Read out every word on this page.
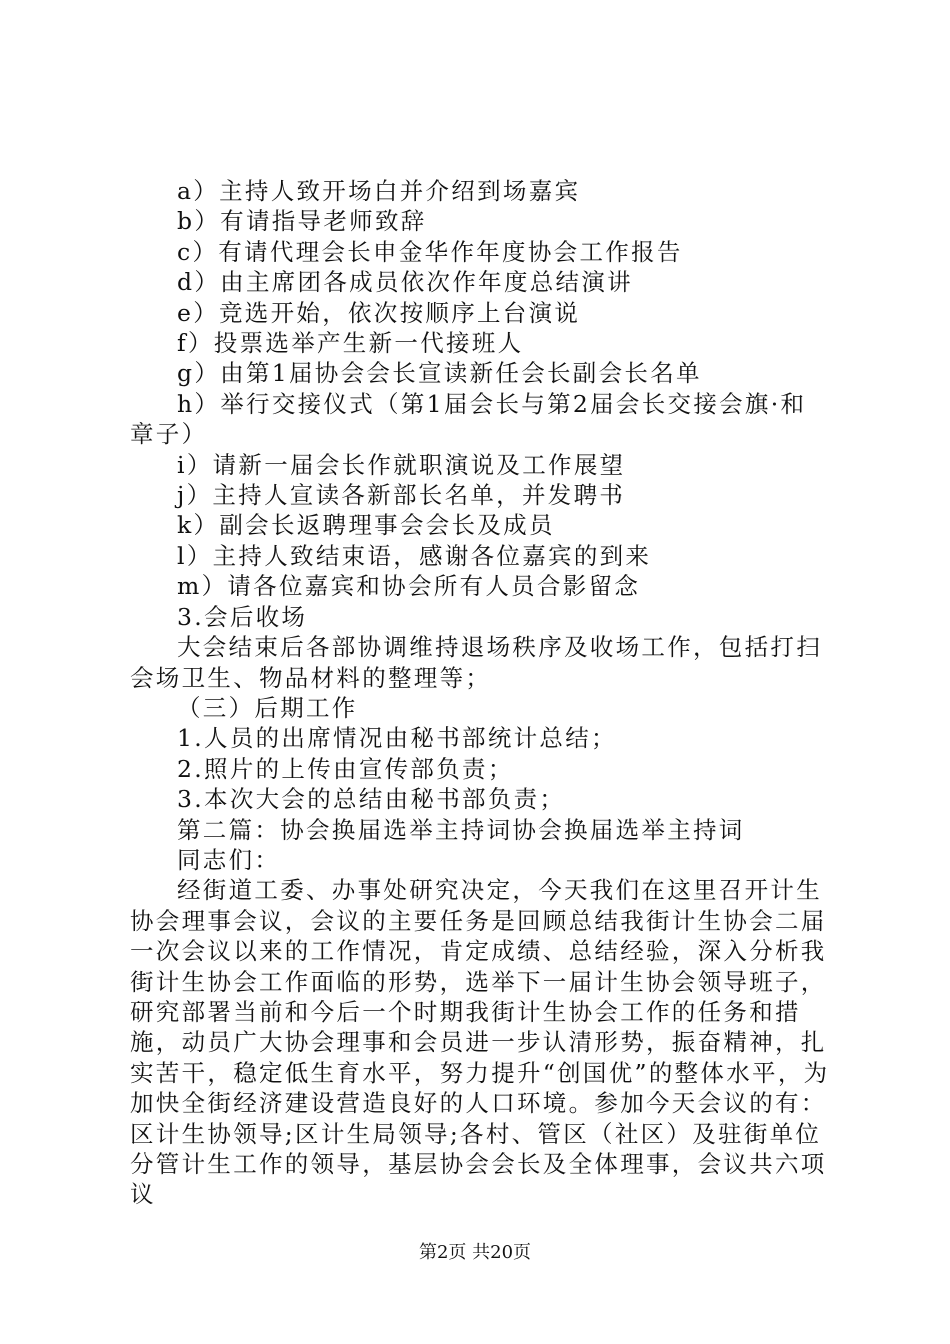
a）主持人致开场白并介绍到场嘉宾

b）有请指导老师致辞

c）有请代理会长申金华作年度协会工作报告

d）由主席团各成员依次作年度总结演讲

e）竞选开始，依次按顺序上台演说

f）投票选举产生新一代接班人

g）由第1届协会会长宣读新任会长副会长名单

h）举行交接仪式（第1届会长与第2届会长交接会旗·和章子）

i）请新一届会长作就职演说及工作展望

j）主持人宣读各新部长名单，并发聘书

k）副会长返聘理事会会长及成员

l）主持人致结束语，感谢各位嘉宾的到来

m）请各位嘉宾和协会所有人员合影留念

3.会后收场

大会结束后各部协调维持退场秩序及收场工作，包括打扫会场卫生、物品材料的整理等；

（三）后期工作

1.人员的出席情况由秘书部统计总结；

2.照片的上传由宣传部负责；

3.本次大会的总结由秘书部负责；

第二篇：协会换届选举主持词协会换届选举主持词

同志们：

经街道工委、办事处研究决定，今天我们在这里召开计生协会理事会议，会议的主要任务是回顾总结我街计生协会二届一次会议以来的工作情况，肯定成绩、总结经验，深入分析我街计生协会工作面临的形势，选举下一届计生协会领导班子，研究部署当前和今后一个时期我街计生协会工作的任务和措施，动员广大协会理事和会员进一步认清形势，振奋精神，扎实苦干，稳定低生育水平，努力提升“创国优”的整体水平，为加快全街经济建设营造良好的人口环境。参加今天会议的有：区计生协领导;区计生局领导;各村、管区（社区）及驻街单位分管计生工作的领导，基层协会会长及全体理事，会议共六项议

第2页 共20页
